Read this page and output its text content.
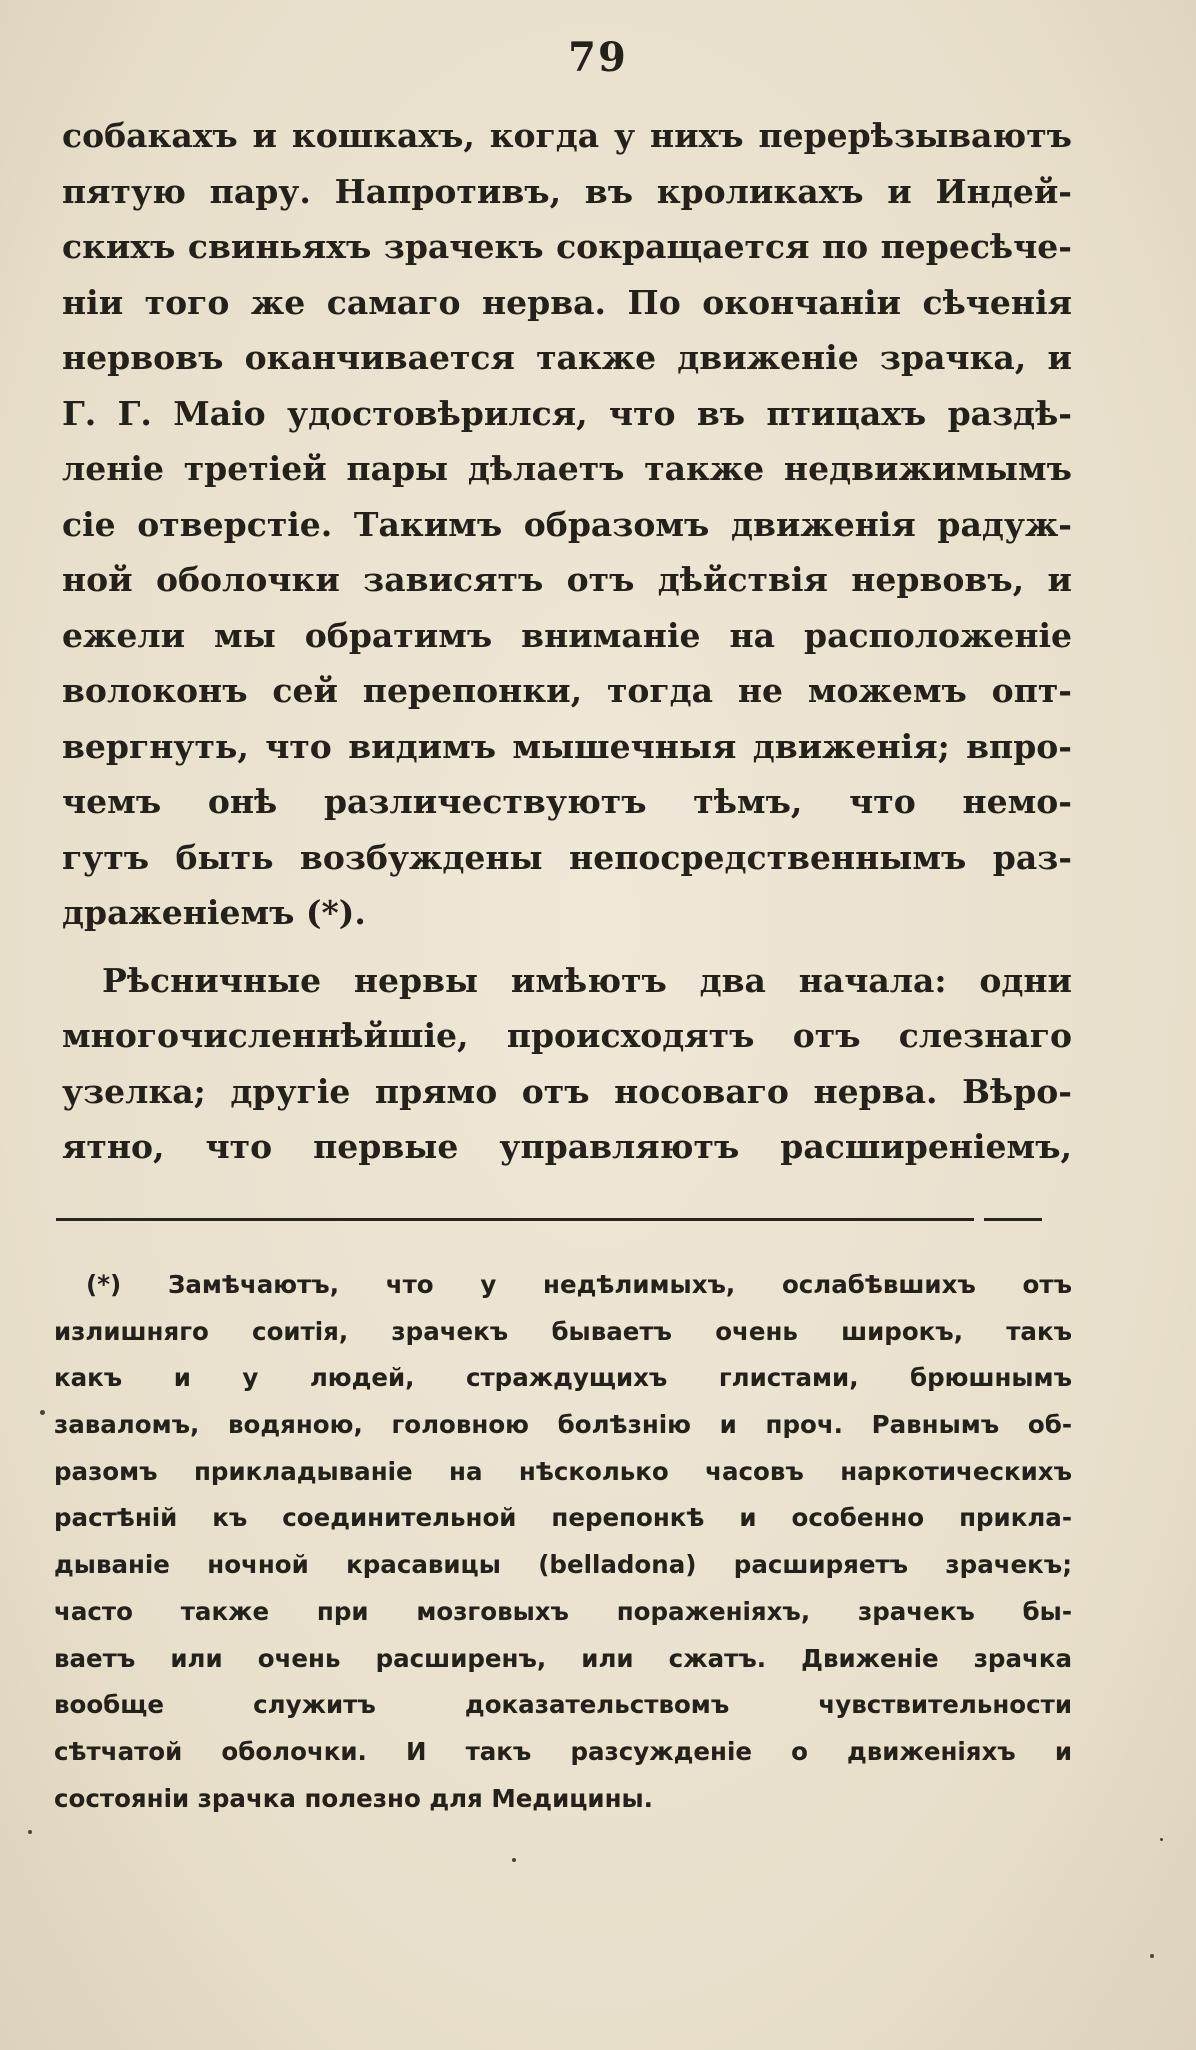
79
собакахъ и кошкахъ, когда у нихъ перерѣзываютъ
пятую пару. Напротивъ, въ кроликахъ и Индей-
скихъ свиньяхъ зрачекъ сокращается по пересѣче-
нiи того же самаго нерва. По окончанiи сѣченiя
нервовъ оканчивается также движенiе зрачка, и
Г. Г. Маiо удостовѣрился, что въ птицахъ раздѣ-
ленiе третiей пары дѣлаетъ также недвижимымъ
сiе отверстiе. Такимъ образомъ движенiя радуж-
ной оболочки зависятъ отъ дѣйствiя нервовъ, и
ежели мы обратимъ вниманiе на расположенiе
волоконъ сей перепонки, тогда не можемъ опт-
вергнуть, что видимъ мышечныя движенiя; впро-
чемъ онѣ различествуютъ тѣмъ, что немо-
гутъ быть возбуждены непосредственнымъ раз-
драженiемъ (*).
Рѣсничные нервы имѣютъ два начала: одни
многочисленнѣйшiе, происходятъ отъ слезнаго
узелка; другiе прямо отъ носоваго нерва. Вѣро-
ятно, что первые управляютъ расширенiемъ,
(*) Замѣчаютъ, что у недѣлимыхъ, ослабѣвшихъ отъ
излишняго соитiя, зрачекъ бываетъ очень широкъ, такъ
какъ и у людей, страждущихъ глистами, брюшнымъ
заваломъ, водяною, головною болѣзнiю и проч. Равнымъ об-
разомъ прикладыванiе на нѣсколько часовъ наркотическихъ
растѣнiй къ соединительной перепонкѣ и особенно прикла-
дыванiе ночной красавицы (belladona) расширяетъ зрачекъ;
часто также при мозговыхъ пораженiяхъ, зрачекъ бы-
ваетъ или очень расширенъ, или сжатъ. Движенiе зрачка
вообще служитъ доказательствомъ чувствительности
сѣтчатой оболочки. И такъ разсужденiе о движенiяхъ и
состоянiи зрачка полезно для Медицины.
